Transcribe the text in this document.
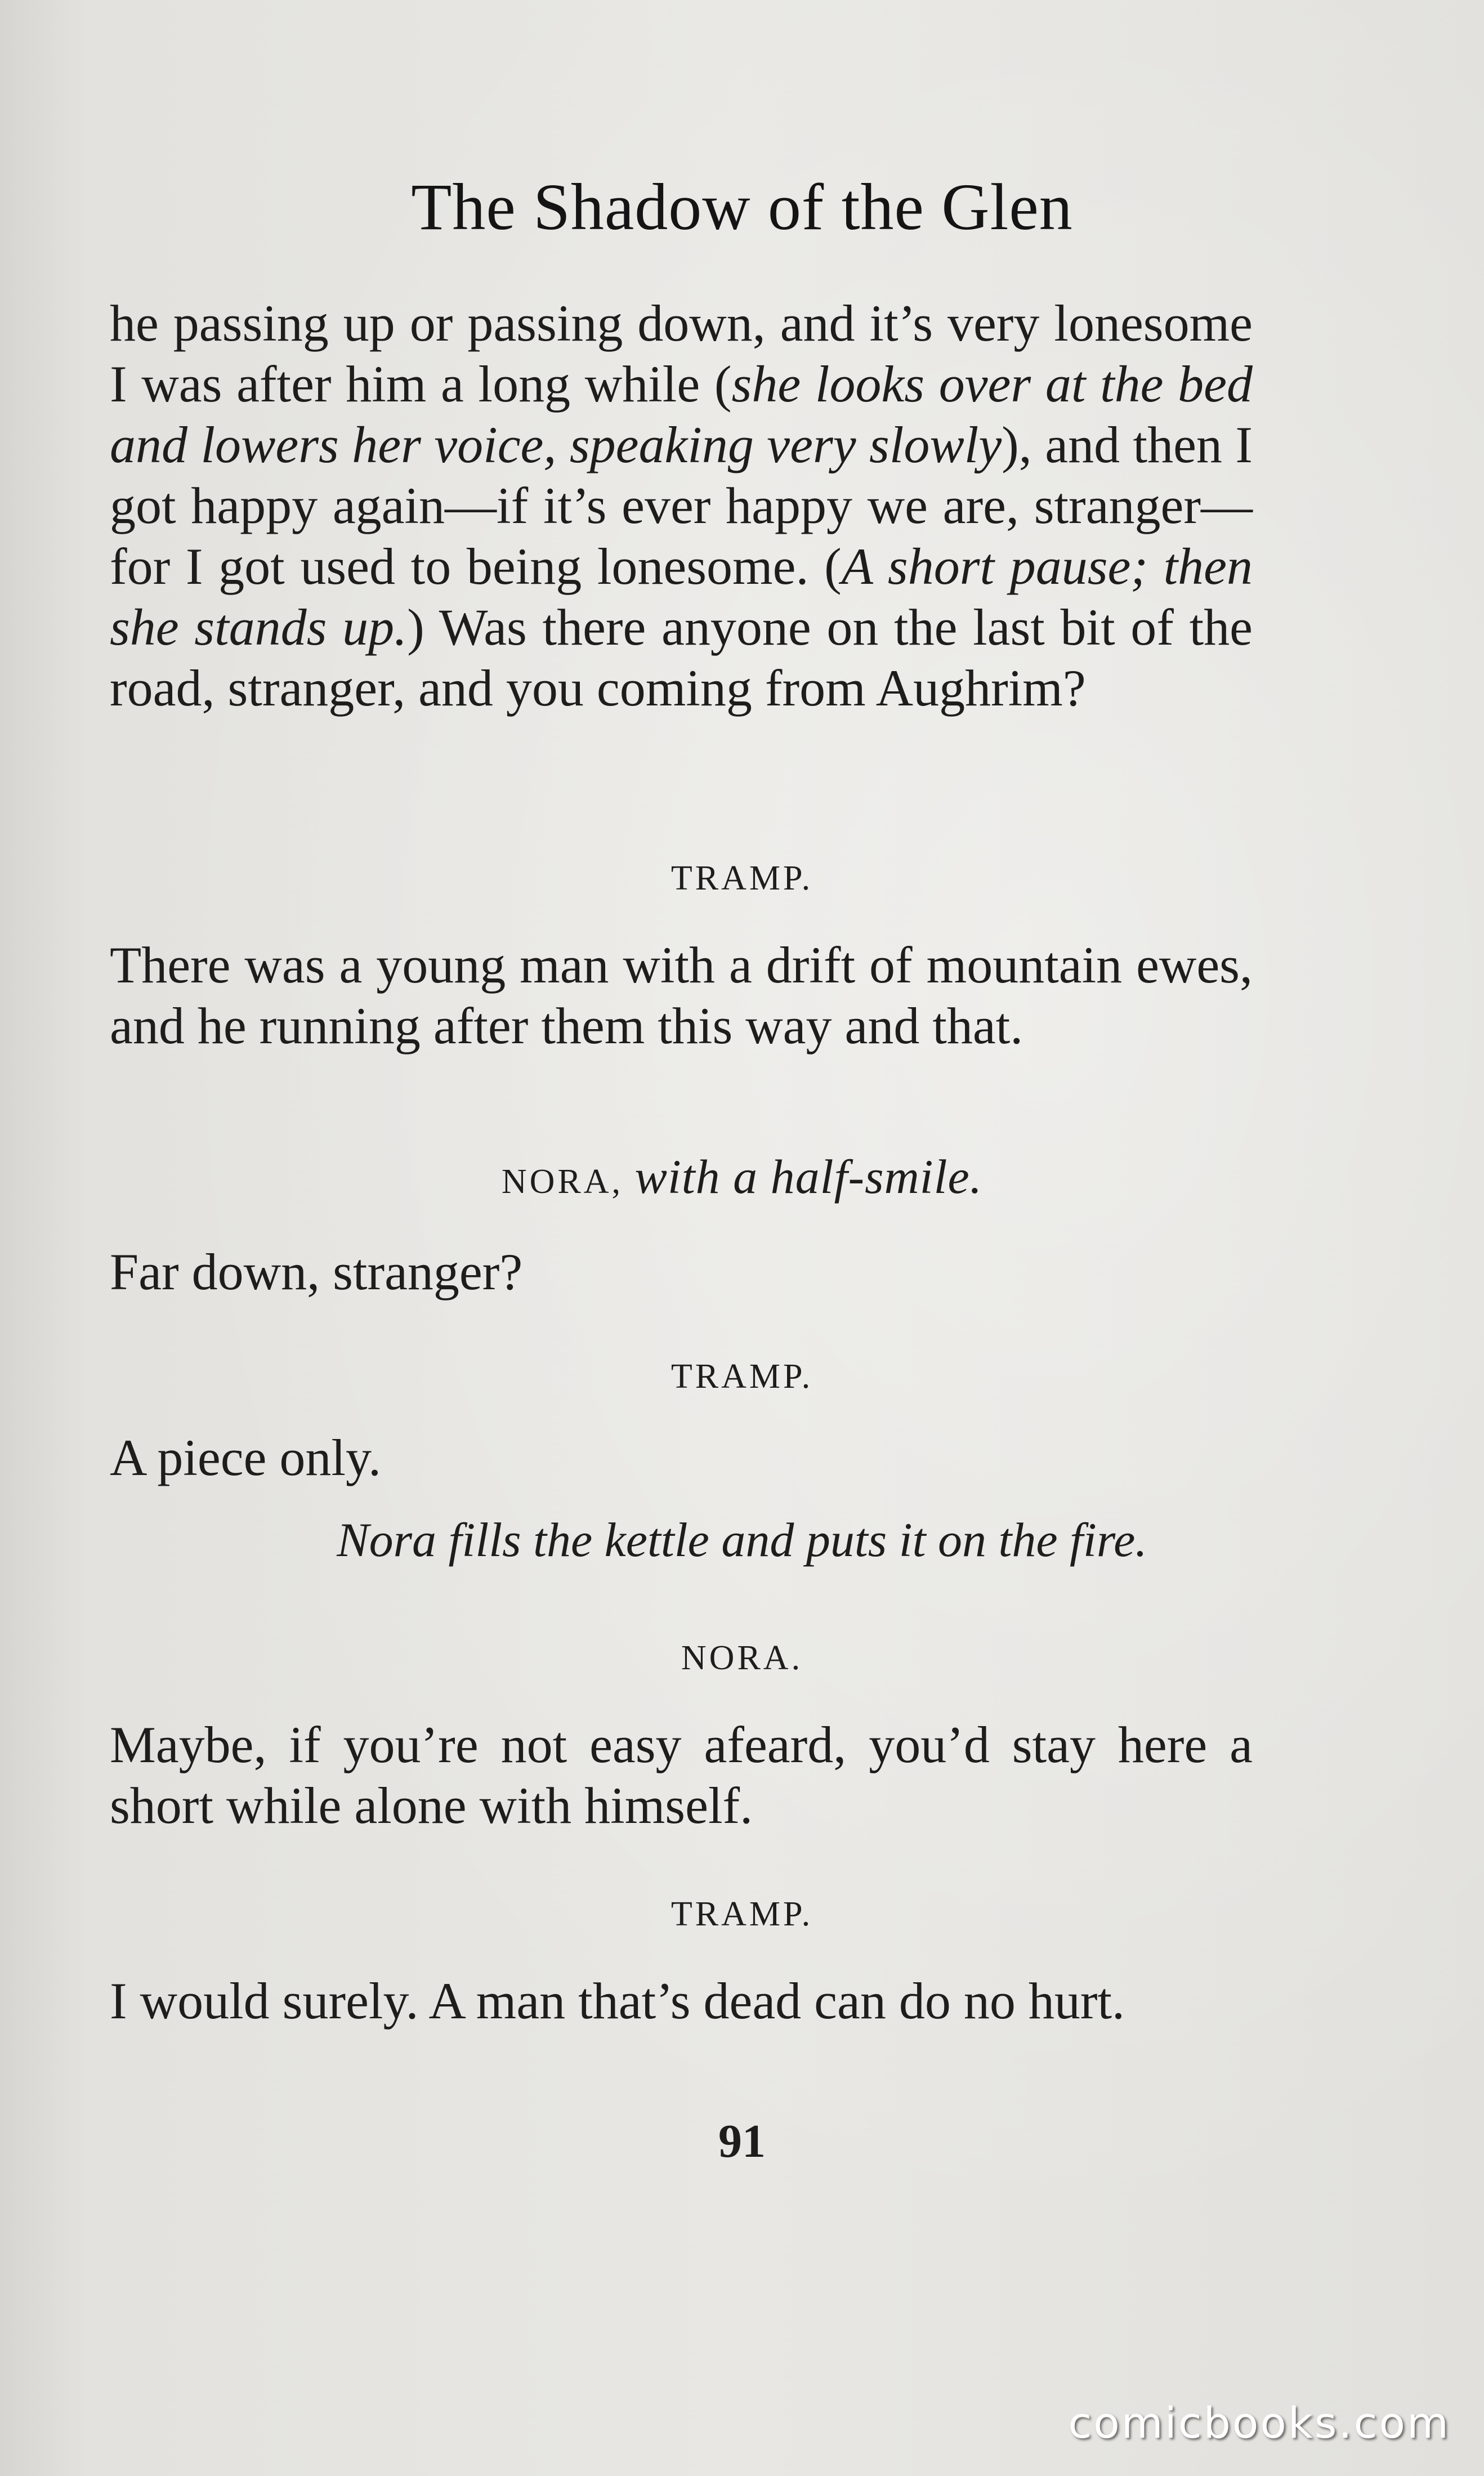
The Shadow of the Glen

he passing up or passing down, and it’s very lonesome I was after him a long while (she looks over at the bed and lowers her voice, speaking very slowly), and then I got happy again—if it’s ever happy we are, stranger—for I got used to being lonesome. (A short pause; then she stands up.) Was there anyone on the last bit of the road, stranger, and you coming from Aughrim?

TRAMP.

There was a young man with a drift of mountain ewes, and he running after them this way and that.

NORA, with a half-smile.

Far down, stranger?

TRAMP.

A piece only.

Nora fills the kettle and puts it on the fire.

NORA.

Maybe, if you’re not easy afeard, you’d stay here a short while alone with himself.

TRAMP.

I would surely. A man that’s dead can do no hurt.

91

comicbooks.com
